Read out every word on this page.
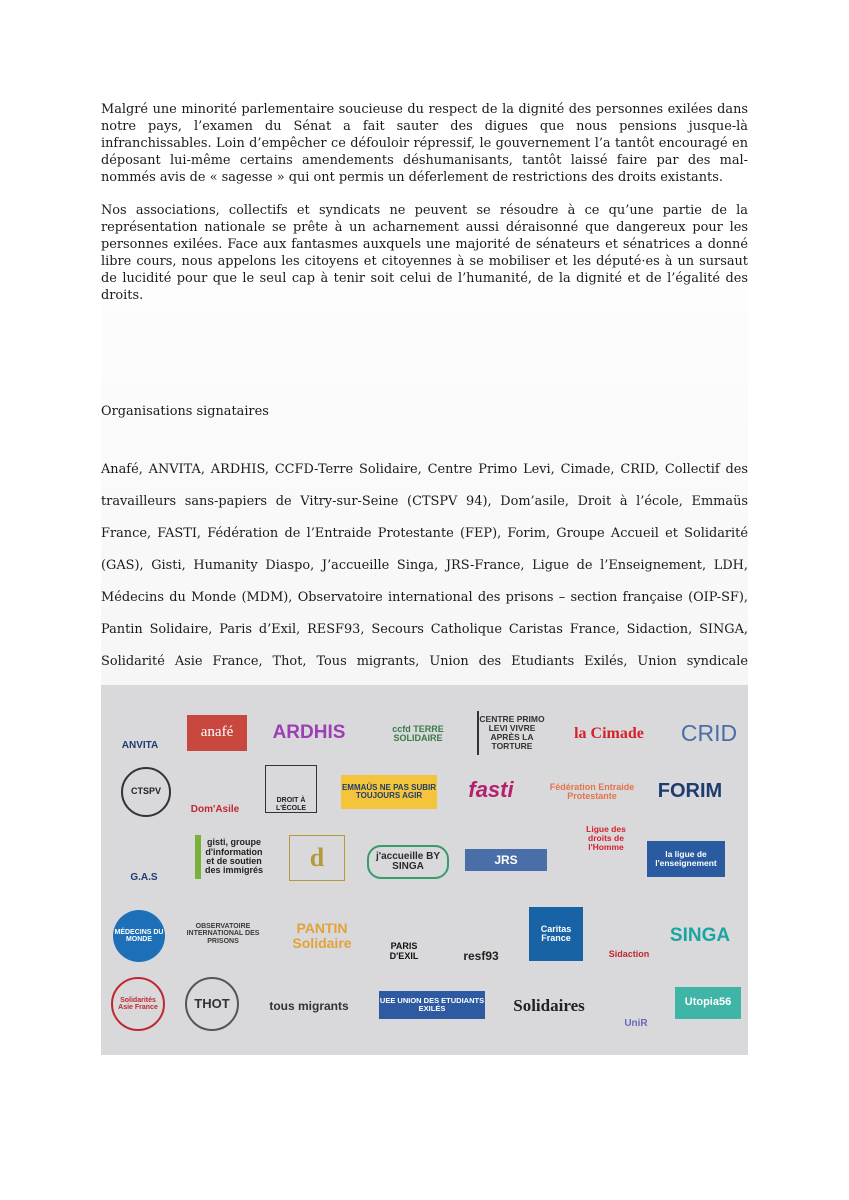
Malgré une minorité parlementaire soucieuse du respect de la dignité des personnes exilées dans notre pays, l’examen du Sénat a fait sauter des digues que nous pensions jusque-là infranchissables. Loin d’empêcher ce défouloir répressif, le gouvernement l’a tantôt encouragé en déposant lui-même certains amendements déshumanisants, tantôt laissé faire par des mal-nommés avis de « sagesse » qui ont permis un déferlement de restrictions des droits existants.

Nos associations, collectifs et syndicats ne peuvent se résoudre à ce qu’une partie de la représentation nationale se prête à un acharnement aussi déraisonné que dangereux pour les personnes exilées. Face aux fantasmes auxquels une majorité de sénateurs et sénatrices a donné libre cours, nous appelons les citoyens et citoyennes à se mobiliser et les député·es à un sursaut de lucidité pour que le seul cap à tenir soit celui de l’humanité, de la dignité et de l’égalité des droits.

Organisations signataires

Anafé, ANVITA, ARDHIS, CCFD-Terre Solidaire, Centre Primo Levi, Cimade, CRID, Collectif des travailleurs sans-papiers de Vitry-sur-Seine (CTSPV 94), Dom’asile, Droit à l’école, Emmaüs France, FASTI, Fédération de l’Entraide Protestante (FEP), Forim, Groupe Accueil et Solidarité (GAS), Gisti, Humanity Diaspo, J’accueille Singa, JRS-France, Ligue de l’Enseignement, LDH, Médecins du Monde (MDM), Observatoire international des prisons – section française (OIP-SF), Pantin Solidaire, Paris d’Exil, RESF93, Secours Catholique Caristas France, Sidaction, SINGA, Solidarité Asie France, Thot, Tous migrants, Union des Etudiants Exilés, Union syndicale

ANVITA
anafé	ARDHIS	ccfd TERRE SOLIDAIRE
CENTRE PRIMO LEVI VIVRE APRÈS LA TORTURE
la Cimade	CRID
CTSPV
Dom'Asile
DROIT À L'ÉCOLE
EMMAÜS NE PAS SUBIR TOUJOURS AGIR	fasti	Fédération Entraide Protestante	FORIM
G.A.S
gisti, groupe d'information et de soutien des immigrés	d	j'accueille BY SINGA	JRS
Ligue des droits de l'Homme
la ligue de l'enseignement
MÉDECINS DU MONDE
OBSERVATOIRE INTERNATIONAL DES PRISONS
PANTIN Solidaire	PARIS D'EXIL	resf93
Caritas France
Sidaction
SINGA
Solidarités Asie France	THOT	tous migrants	UEE UNION DES ETUDIANTS EXILÉS	Solidaires
UniR
Utopia56
